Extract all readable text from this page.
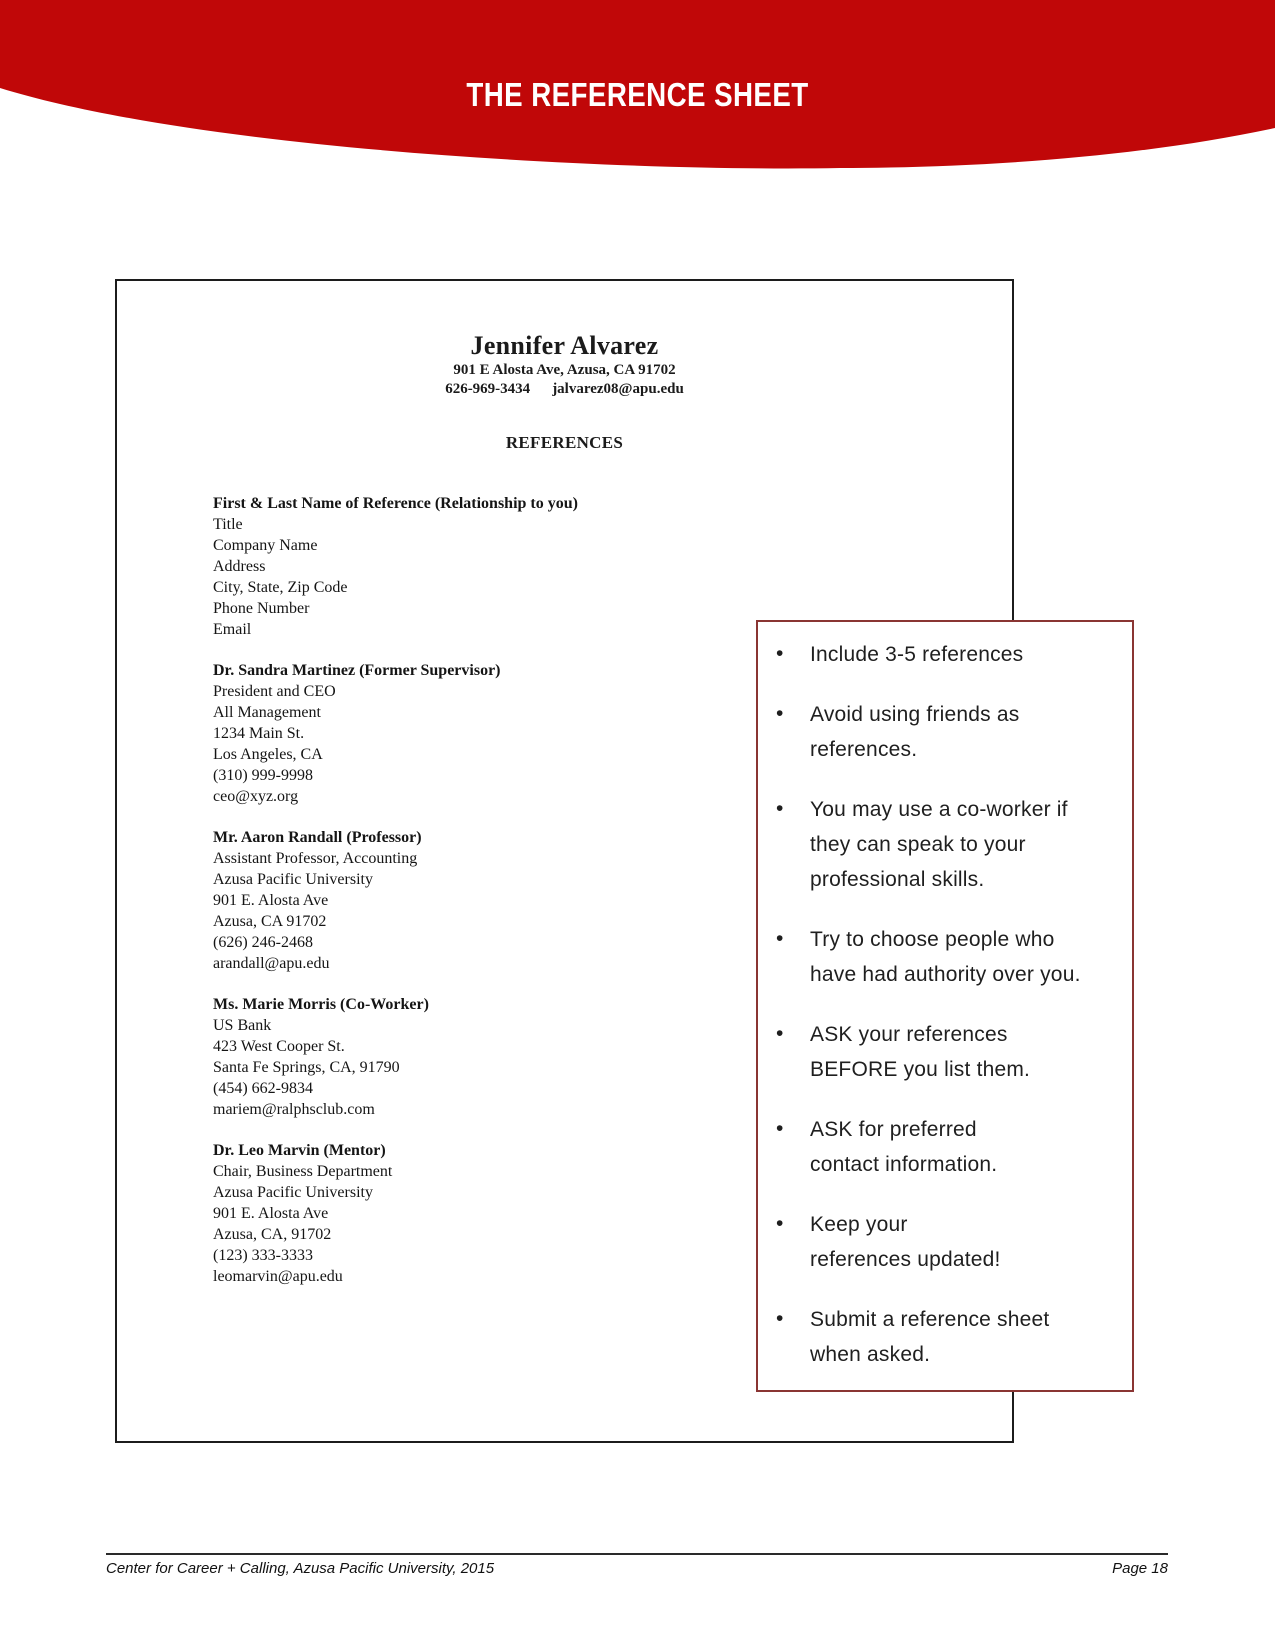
THE REFERENCE SHEET
Jennifer Alvarez
901 E Alosta Ave, Azusa, CA 91702
626-969-3434 jalvarez08@apu.edu
REFERENCES
First & Last Name of Reference (Relationship to you)
Title
Company Name
Address
City, State, Zip Code
Phone Number
Email
Dr. Sandra Martinez (Former Supervisor)
President and CEO
All Management
1234 Main St.
Los Angeles, CA
(310) 999-9998
ceo@xyz.org
Mr. Aaron Randall (Professor)
Assistant Professor, Accounting
Azusa Pacific University
901 E. Alosta Ave
Azusa, CA 91702
(626) 246-2468
arandall@apu.edu
Ms. Marie Morris (Co-Worker)
US Bank
423 West Cooper St.
Santa Fe Springs, CA, 91790
(454) 662-9834
mariem@ralphsclub.com
Dr. Leo Marvin (Mentor)
Chair, Business Department
Azusa Pacific University
901 E. Alosta Ave
Azusa, CA, 91702
(123) 333-3333
leomarvin@apu.edu
• Include 3-5 references
• Avoid using friends as
references.
• You may use a co-worker if
they can speak to your
professional skills.
• Try to choose people who
have had authority over you.
• ASK your references
BEFORE you list them.
• ASK for preferred
contact information.
• Keep your
references updated!
• Submit a reference sheet
when asked.
Center for Career + Calling, Azusa Pacific University, 2015	Page 18
